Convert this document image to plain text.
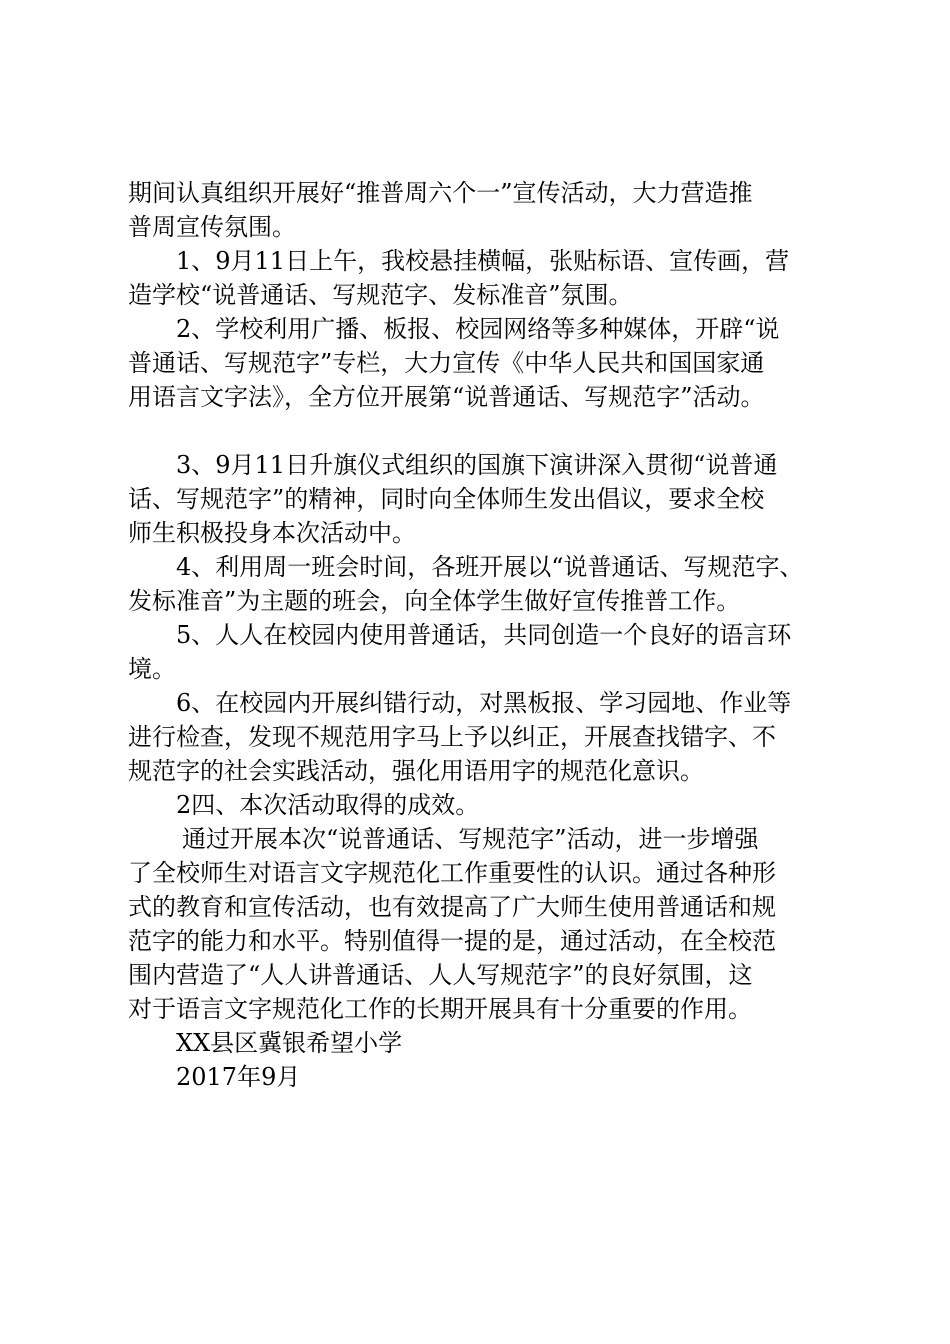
期间认真组织开展好“推普周六个一”宣传活动，大力营造推
普周宣传氛围。
1、9月11日上午，我校悬挂横幅，张贴标语、宣传画，营
造学校“说普通话、写规范字、发标准音”氛围。
2、学校利用广播、板报、校园网络等多种媒体，开辟“说
普通话、写规范字”专栏，大力宣传《中华人民共和国国家通
用语言文字法》，全方位开展第“说普通话、写规范字”活动。
3、9月11日升旗仪式组织的国旗下演讲深入贯彻“说普通
话、写规范字”的精神，同时向全体师生发出倡议，要求全校
师生积极投身本次活动中。
4、利用周一班会时间，各班开展以“说普通话、写规范字、
发标准音”为主题的班会，向全体学生做好宣传推普工作。
5、人人在校园内使用普通话，共同创造一个良好的语言环
境。
6、在校园内开展纠错行动，对黑板报、学习园地、作业等
进行检查，发现不规范用字马上予以纠正，开展查找错字、不
规范字的社会实践活动，强化用语用字的规范化意识。
2四、本次活动取得的成效。
通过开展本次“说普通话、写规范字”活动，进一步增强
了全校师生对语言文字规范化工作重要性的认识。通过各种形
式的教育和宣传活动，也有效提高了广大师生使用普通话和规
范字的能力和水平。特别值得一提的是，通过活动，在全校范
围内营造了“人人讲普通话、人人写规范字”的良好氛围，这
对于语言文字规范化工作的长期开展具有十分重要的作用。
XX县区冀银希望小学
2017年9月
